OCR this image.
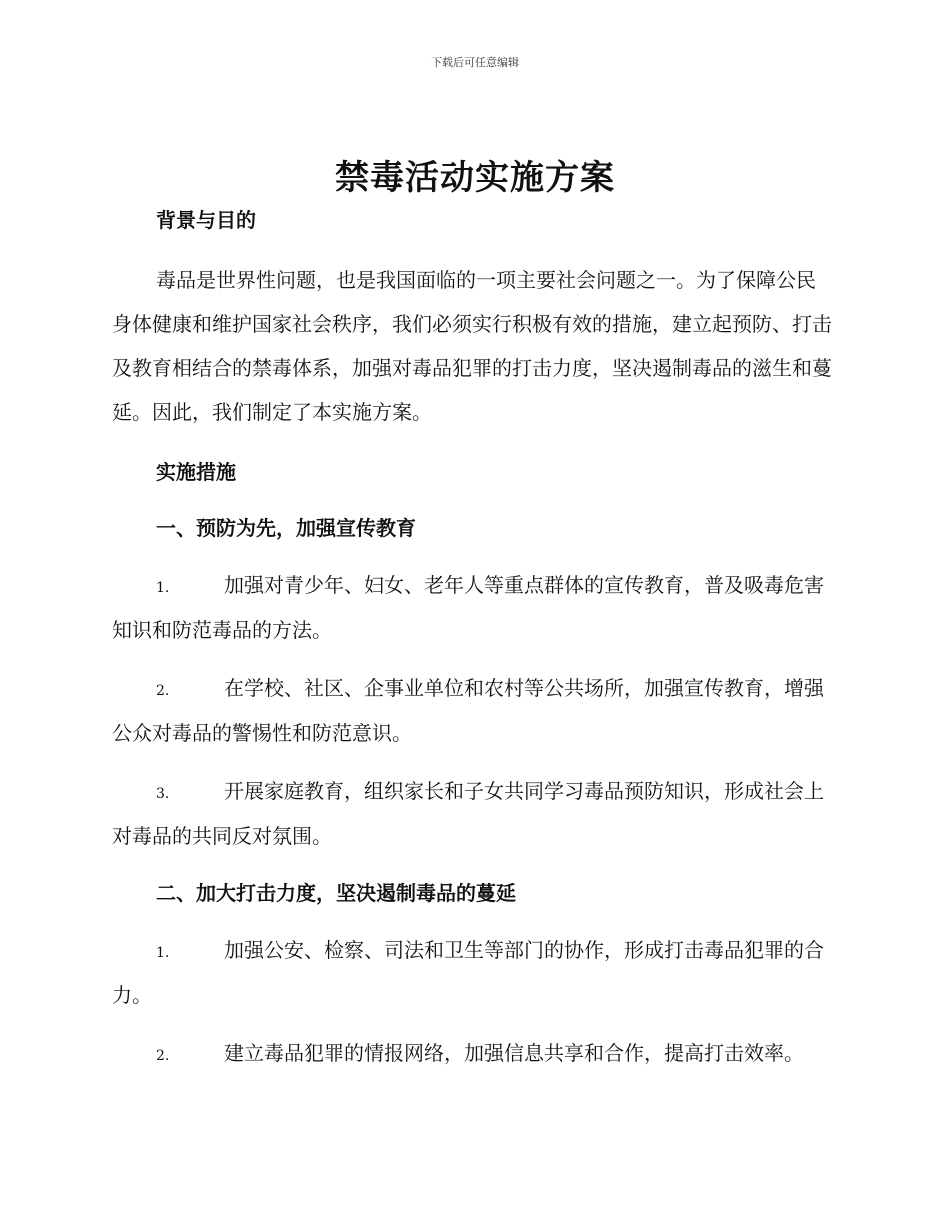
下载后可任意编辑
禁毒活动实施方案
背景与目的

毒品是世界性问题，也是我国面临的一项主要社会问题之一。为了保障公民身体健康和维护国家社会秩序，我们必须实行积极有效的措施，建立起预防、打击及教育相结合的禁毒体系，加强对毒品犯罪的打击力度，坚决遏制毒品的滋生和蔓延。因此，我们制定了本实施方案。

实施措施
一、预防为先，加强宣传教育

1.	加强对青少年、妇女、老年人等重点群体的宣传教育，普及吸毒危害知识和防范毒品的方法。

2.	在学校、社区、企事业单位和农村等公共场所，加强宣传教育，增强公众对毒品的警惕性和防范意识。

3.	开展家庭教育，组织家长和子女共同学习毒品预防知识，形成社会上对毒品的共同反对氛围。

二、加大打击力度，坚决遏制毒品的蔓延

1.	加强公安、检察、司法和卫生等部门的协作，形成打击毒品犯罪的合力。

2.	建立毒品犯罪的情报网络，加强信息共享和合作，提高打击效率。
